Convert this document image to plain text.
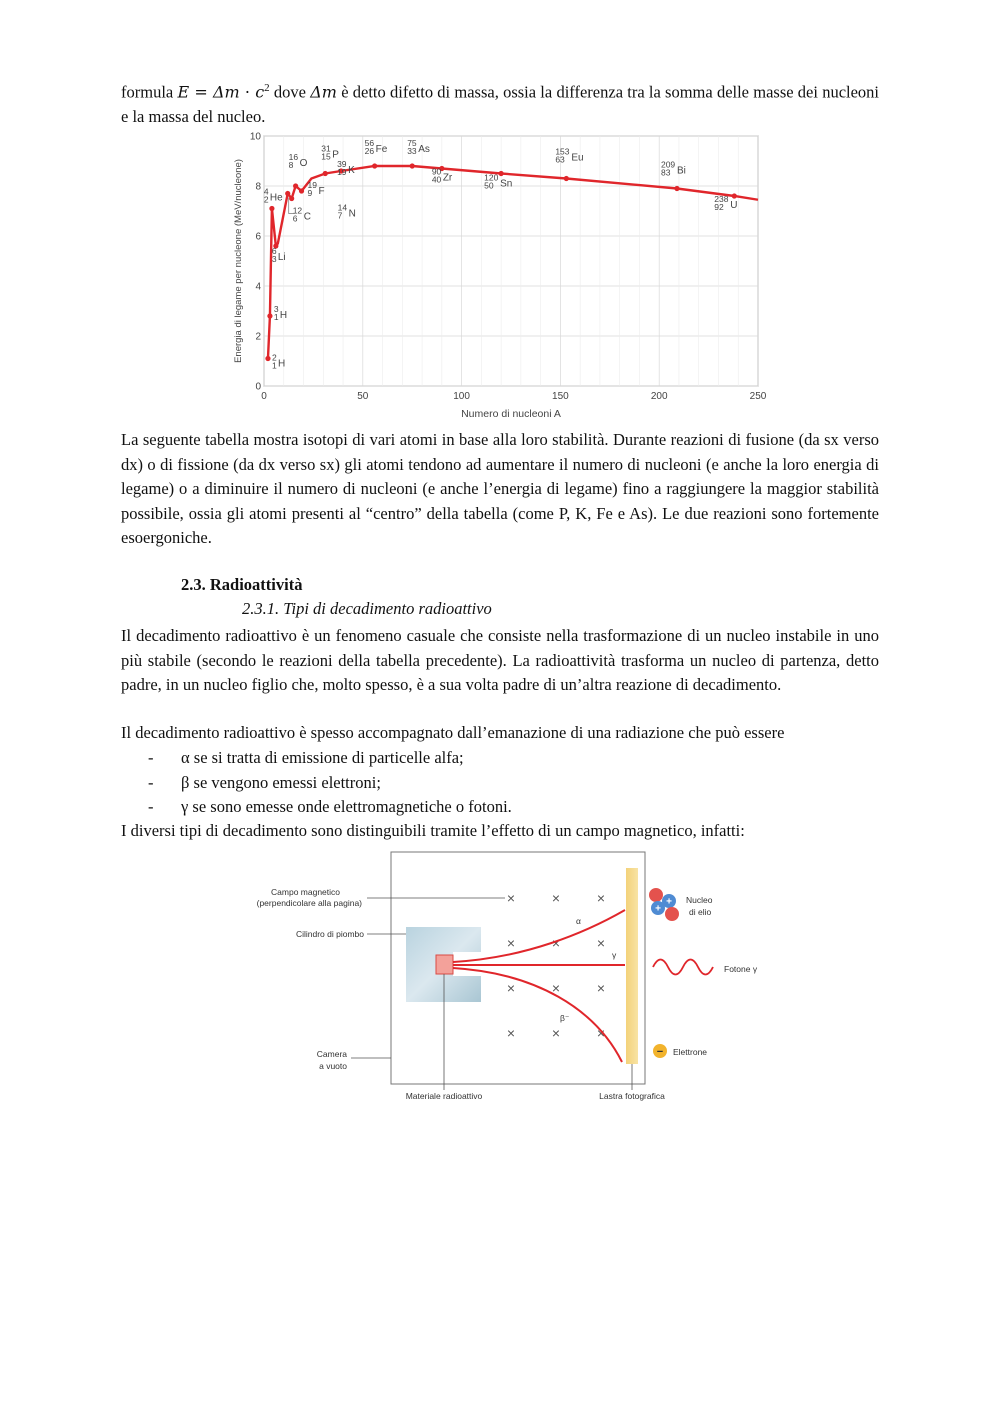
formula $E = \Delta m \cdot c^2$ dove Δm è detto difetto di massa, ossia la differenza tra la somma delle masse dei nucleoni e la massa del nucleo.

0
2
4
6
8
10
0	50	100	150	200	250
2
1 H
3
1 H
4
2 He
6
3 Li
12
6 C
14
7 N
16
8 O
19
9 F
31
15 P
39
19 K
56
26 Fe
75
33 As
90
40 Zr	120
50 Sn
153
63 Eu
209
83 Bi
238
92 U
Numero di nucleoni A
Energia di legame per nucleone (MeV/nucleone)

La seguente tabella mostra isotopi di vari atomi in base alla loro stabilità. Durante reazioni di fusione (da sx verso dx) o di fissione (da dx verso sx) gli atomi tendono ad aumentare il numero di nucleoni (e anche la loro energia di legame) o a diminuire il numero di nucleoni (e anche l’energia di legame) fino a raggiungere la maggior stabilità possibile, ossia gli atomi presenti al “centro” della tabella (come P, K, Fe e As). Le due reazioni sono fortemente esoergoniche.

2.3. Radioattività

2.3.1. Tipi di decadimento radioattivo

Il decadimento radioattivo è un fenomeno casuale che consiste nella trasformazione di un nucleo instabile in uno più stabile (secondo le reazioni della tabella precedente). La radioattività trasforma un nucleo di partenza, detto padre, in un nucleo figlio che, molto spesso, è a sua volta padre di un’altra reazione di decadimento.

Il decadimento radioattivo è spesso accompagnato dall’emanazione di una radiazione che può essere

-	α se si tratta di emissione di particelle alfa;
-	β se vengono emessi elettroni;
-	γ se sono emesse onde elettromagnetiche o fotoni.

I diversi tipi di decadimento sono distinguibili tramite l’effetto di un campo magnetico, infatti:

×	×	×
×	×	×
×	×	×
×	×	×
α
γ
β⁻
Campo magnetico
(perpendicolare alla pagina)
Cilindro di piombo
Camera
a vuoto
Materiale radioattivo	Lastra fotografica
Nucleo
di elio
Fotone γ
Elettrone
+
+
−
